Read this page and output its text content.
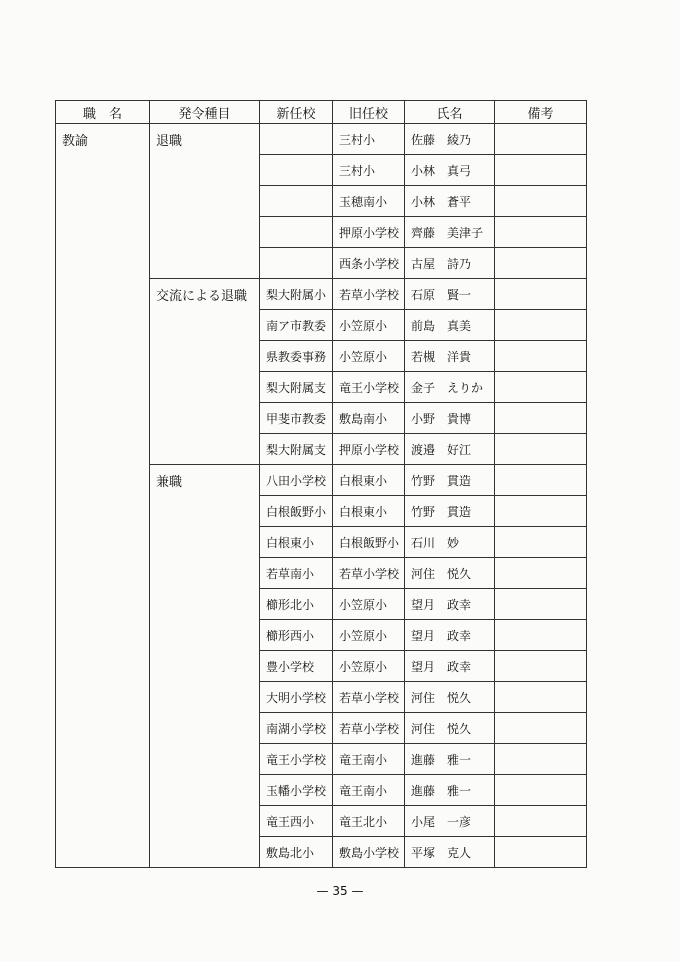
職　名	発令種目	新任校	旧任校	氏名	備考
教諭	退職		三村小	佐藤　綾乃	
			三村小	小林　真弓	
			玉穂南小	小林　蒼平	
			押原小学校	齊藤　美津子	
			西条小学校	古屋　詩乃	
	交流による退職	梨大附属小	若草小学校	石原　賢一	
		南ア市教委	小笠原小	前島　真美	
		県教委事務	小笠原小	若槻　洋貴	
		梨大附属支	竜王小学校	金子　えりか	
		甲斐市教委	敷島南小	小野　貴博	
		梨大附属支	押原小学校	渡邉　好江	
	兼職	八田小学校	白根東小	竹野　貫造	
		白根飯野小	白根東小	竹野　貫造	
		白根東小	白根飯野小	石川　妙	
		若草南小	若草小学校	河住　悦久	
		櫛形北小	小笠原小	望月　政幸	
		櫛形西小	小笠原小	望月　政幸	
		豊小学校	小笠原小	望月　政幸	
		大明小学校	若草小学校	河住　悦久	
		南湖小学校	若草小学校	河住　悦久	
		竜王小学校	竜王南小	進藤　雅一	
		玉幡小学校	竜王南小	進藤　雅一	
		竜王西小	竜王北小	小尾　一彦	
		敷島北小	敷島小学校	平塚　克人	
— 35 —
